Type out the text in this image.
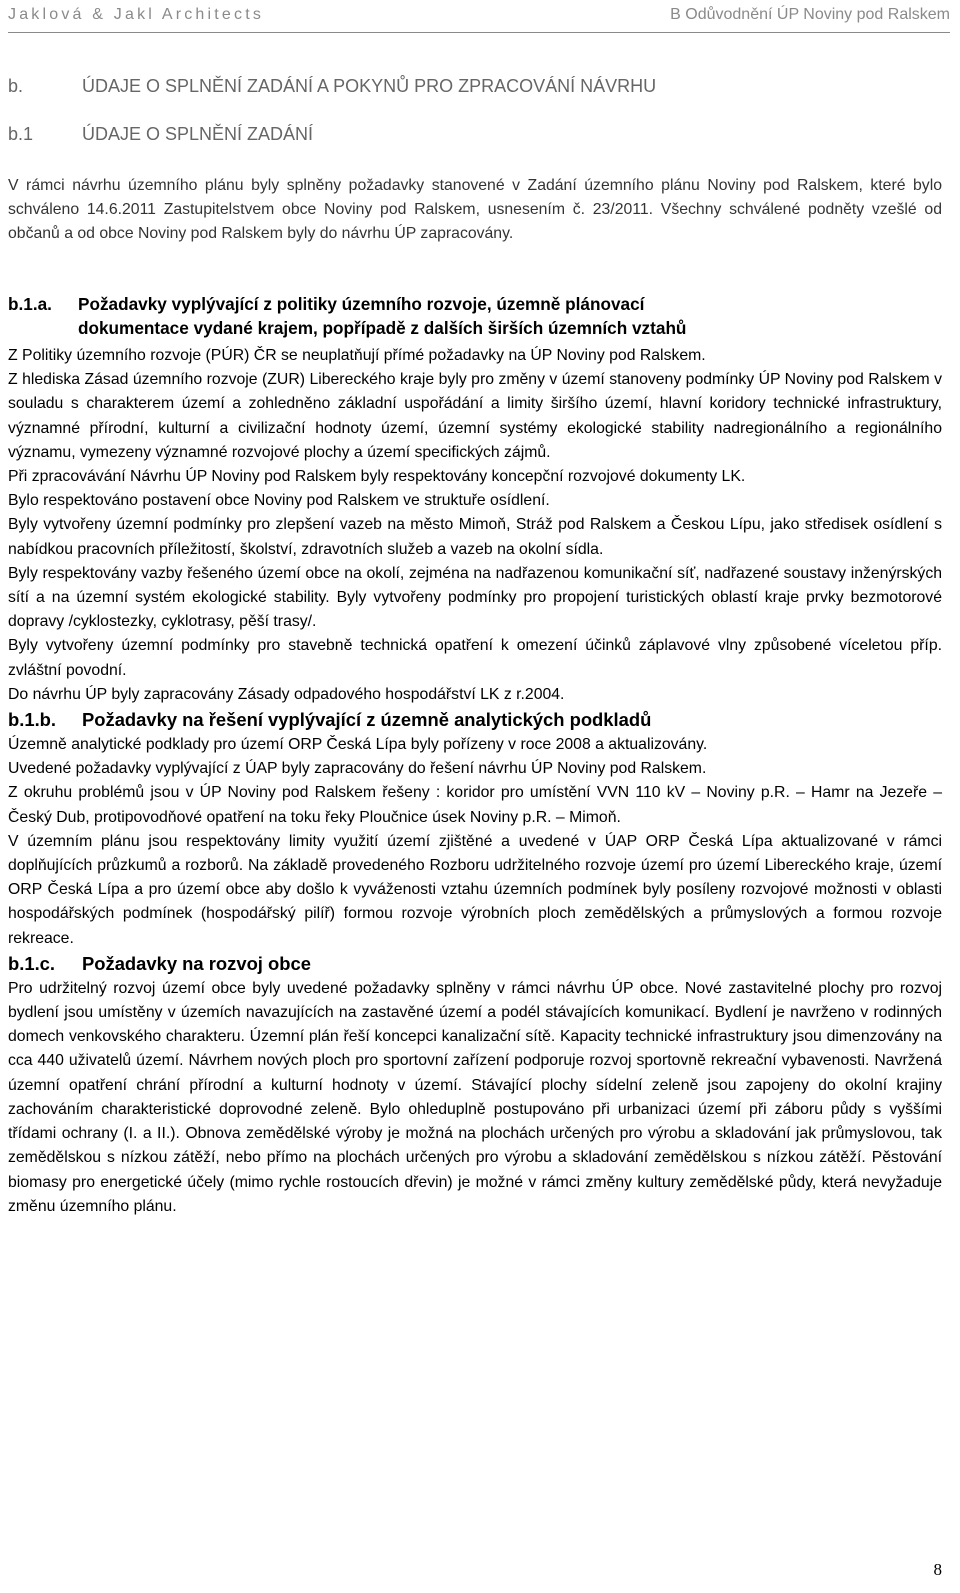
Jaklová & Jakl Architects	B Odůvodnění ÚP Noviny pod Ralskem
b.	ÚDAJE O SPLNĚNÍ ZADÁNÍ A POKYNŮ PRO ZPRACOVÁNÍ NÁVRHU
b.1	ÚDAJE O SPLNĚNÍ ZADÁNÍ

V rámci návrhu územního plánu byly splněny požadavky stanovené v Zadání územního plánu Noviny pod Ralskem, které bylo schváleno 14.6.2011 Zastupitelstvem obce Noviny pod Ralskem, usnesením č. 23/2011. Všechny schválené podněty vzešlé od občanů a od obce Noviny pod Ralskem byly do návrhu ÚP zapracovány.

b.1.a. Požadavky vyplývající z politiky územního rozvoje, územně plánovací
dokumentace vydané krajem, popřípadě z dalších širších územních vztahů

Z Politiky územního rozvoje (PÚR) ČR se neuplatňují přímé požadavky na ÚP Noviny pod Ralskem.

Z hlediska Zásad územního rozvoje (ZUR) Libereckého kraje byly pro změny v území stanoveny podmínky ÚP Noviny pod Ralskem v souladu s charakterem území a zohledněno základní uspořádání a limity širšího území, hlavní koridory technické infrastruktury, významné přírodní, kulturní a civilizační hodnoty území, územní systémy ekologické stability nadregionálního a regionálního významu, vymezeny významné rozvojové plochy a území specifických zájmů.

Při zpracovávání Návrhu ÚP Noviny pod Ralskem byly respektovány koncepční rozvojové dokumenty LK.

Bylo respektováno postavení obce Noviny pod Ralskem ve struktuře osídlení.

Byly vytvořeny územní podmínky pro zlepšení vazeb na město Mimoň, Stráž pod Ralskem a Českou Lípu, jako středisek osídlení s nabídkou pracovních příležitostí, školství, zdravotních služeb a vazeb na okolní sídla.

Byly respektovány vazby řešeného území obce na okolí, zejména na nadřazenou komunikační síť, nadřazené soustavy inženýrských sítí a na územní systém ekologické stability. Byly vytvořeny podmínky pro propojení turistických oblastí kraje prvky bezmotorové dopravy /cyklostezky, cyklotrasy, pěší trasy/.

Byly vytvořeny územní podmínky pro stavebně technická opatření k omezení účinků záplavové vlny způsobené víceletou příp. zvláštní povodní.

Do návrhu ÚP byly zapracovány Zásady odpadového hospodářství LK z r.2004.

b.1.b. Požadavky na řešení vyplývající z územně analytických podkladů

Územně analytické podklady pro území ORP Česká Lípa byly pořízeny v roce 2008 a aktualizovány.

Uvedené požadavky vyplývající z ÚAP byly zapracovány do řešení návrhu ÚP Noviny pod Ralskem.

Z okruhu problémů jsou v ÚP Noviny pod Ralskem řešeny : koridor pro umístění VVN 110 kV – Noviny p.R. – Hamr na Jezeře – Český Dub, protipovodňové opatření na toku řeky Ploučnice úsek Noviny p.R. – Mimoň.

V územním plánu jsou respektovány limity využití území zjištěné a uvedené v ÚAP ORP Česká Lípa aktualizované v rámci doplňujících průzkumů a rozborů. Na základě provedeného Rozboru udržitelného rozvoje území pro území Libereckého kraje, území ORP Česká Lípa a pro území obce aby došlo k vyváženosti vztahu územních podmínek byly posíleny rozvojové možnosti v oblasti hospodářských podmínek (hospodářský pilíř) formou rozvoje výrobních ploch zemědělských a průmyslových a formou rozvoje rekreace.

b.1.c. Požadavky na rozvoj obce

Pro udržitelný rozvoj území obce byly uvedené požadavky splněny v rámci návrhu ÚP obce. Nové zastavitelné plochy pro rozvoj bydlení jsou umístěny v územích navazujících na zastavěné území a podél stávajících komunikací. Bydlení je navrženo v rodinných domech venkovského charakteru. Územní plán řeší koncepci kanalizační sítě. Kapacity technické infrastruktury jsou dimenzovány na cca 440 uživatelů území. Návrhem nových ploch pro sportovní zařízení podporuje rozvoj sportovně rekreační vybavenosti. Navržená územní opatření chrání přírodní a kulturní hodnoty v území. Stávající plochy sídelní zeleně jsou zapojeny do okolní krajiny zachováním charakteristické doprovodné zeleně. Bylo ohleduplně postupováno při urbanizaci území při záboru půdy s vyššími třídami ochrany (I. a II.). Obnova zemědělské výroby je možná na plochách určených pro výrobu a skladování jak průmyslovou, tak zemědělskou s nízkou zátěží, nebo přímo na plochách určených pro výrobu a skladování zemědělskou s nízkou zátěží. Pěstování biomasy pro energetické účely (mimo rychle rostoucích dřevin) je možné v rámci změny kultury zemědělské půdy, která nevyžaduje změnu územního plánu.

8
